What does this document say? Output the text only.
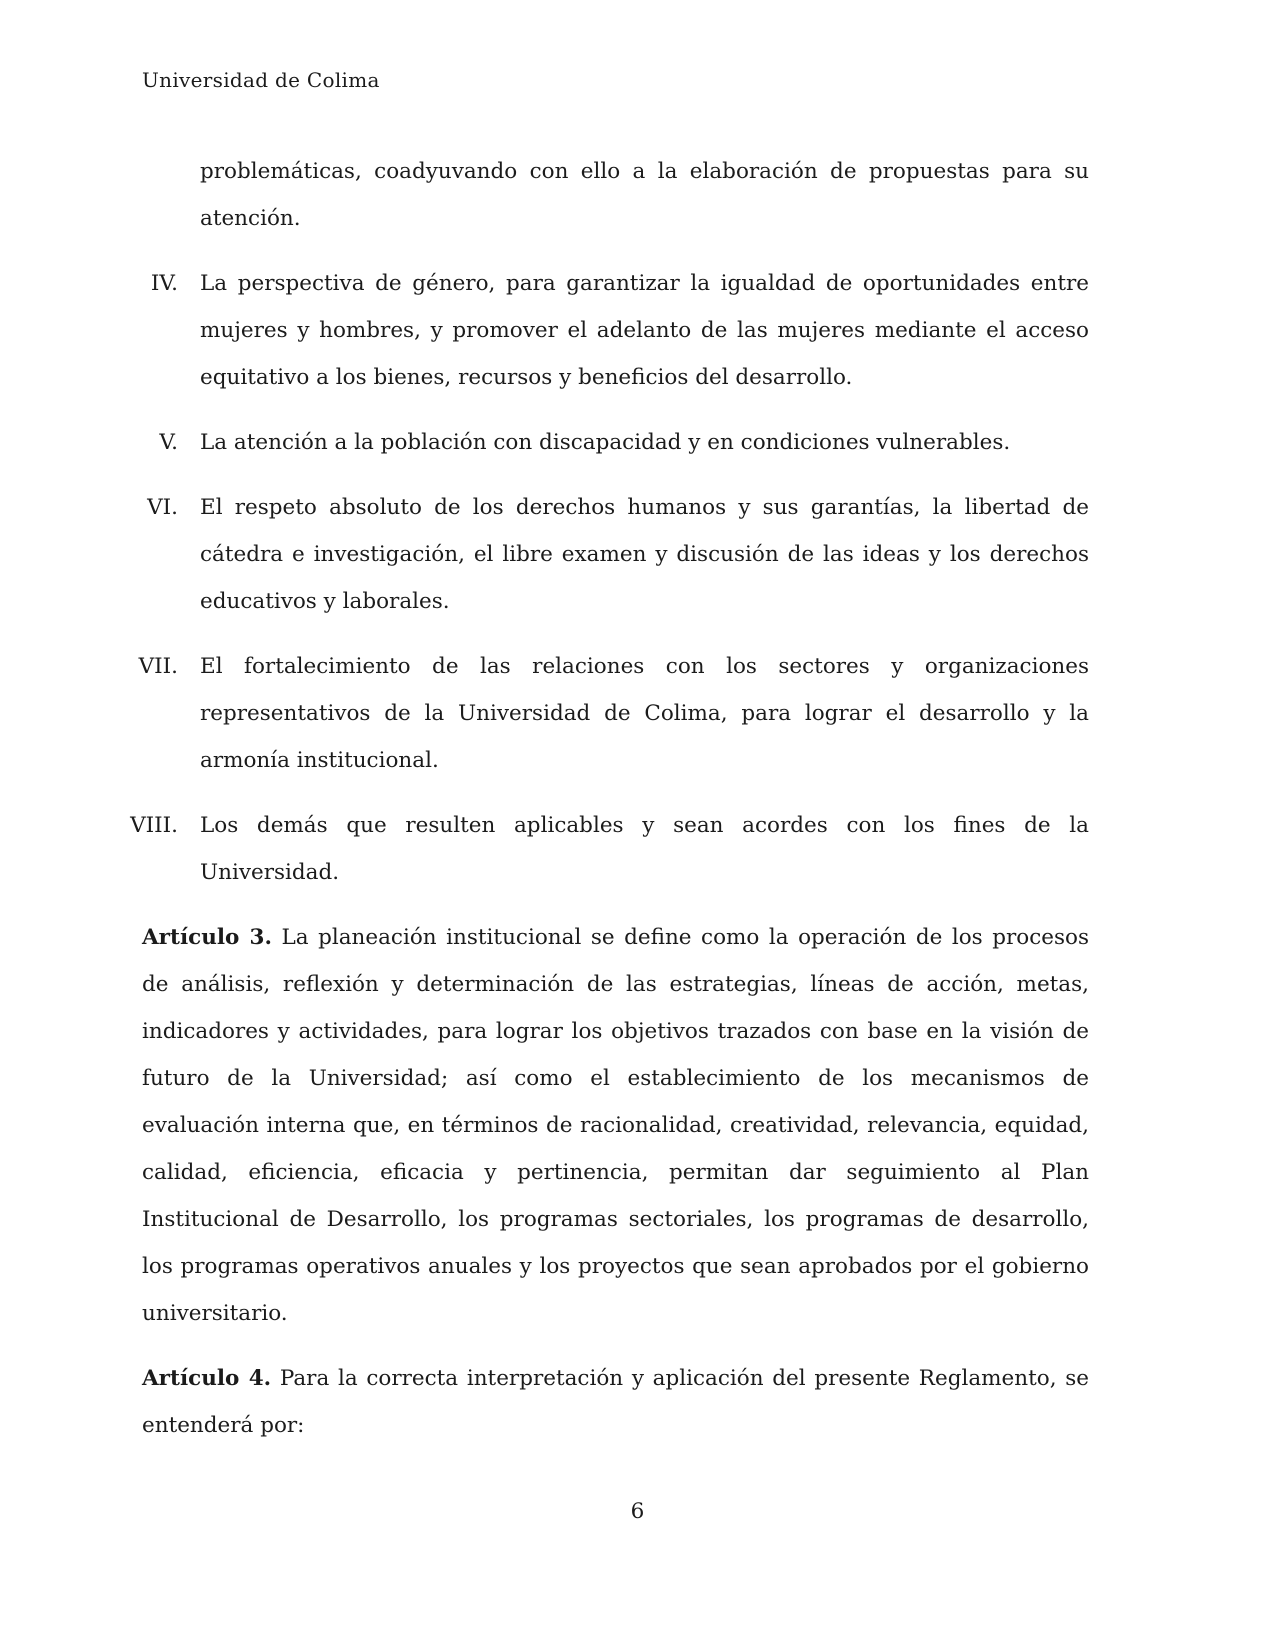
Universidad de Colima

problemáticas, coadyuvando con ello a la elaboración de propuestas para su atención.

IV. La perspectiva de género, para garantizar la igualdad de oportunidades entre mujeres y hombres, y promover el adelanto de las mujeres mediante el acceso equitativo a los bienes, recursos y beneficios del desarrollo.
V. La atención a la población con discapacidad y en condiciones vulnerables.
VI. El respeto absoluto de los derechos humanos y sus garantías, la libertad de cátedra e investigación, el libre examen y discusión de las ideas y los derechos educativos y laborales.
VII. El fortalecimiento de las relaciones con los sectores y organizaciones representativos de la Universidad de Colima, para lograr el desarrollo y la armonía institucional.
VIII. Los demás que resulten aplicables y sean acordes con los fines de la Universidad.

Artículo 3. La planeación institucional se define como la operación de los procesos de análisis, reflexión y determinación de las estrategias, líneas de acción, metas, indicadores y actividades, para lograr los objetivos trazados con base en la visión de futuro de la Universidad; así como el establecimiento de los mecanismos de evaluación interna que, en términos de racionalidad, creatividad, relevancia, equidad, calidad, eficiencia, eficacia y pertinencia, permitan dar seguimiento al Plan Institucional de Desarrollo, los programas sectoriales, los programas de desarrollo, los programas operativos anuales y los proyectos que sean aprobados por el gobierno universitario.

Artículo 4. Para la correcta interpretación y aplicación del presente Reglamento, se entenderá por:

6
